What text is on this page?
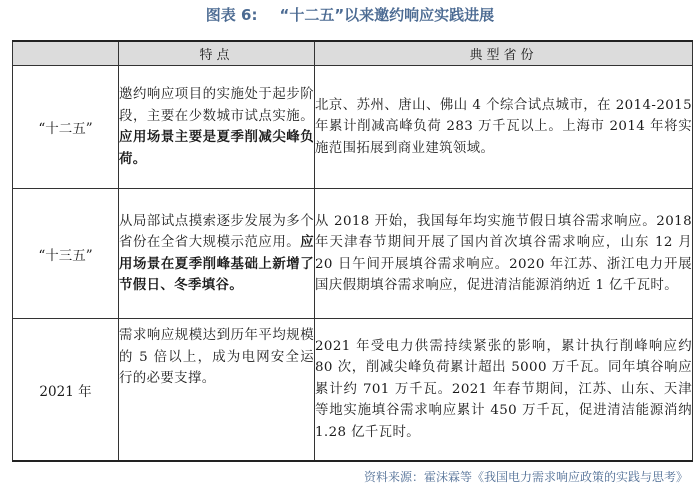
图表 6: “十二五”以来邀约响应实践进展
	特点	典型省份
“十二五”	邀约响应项目的实施处于起步阶段，主要在少数城市试点实施。应用场景主要是夏季削减尖峰负荷。	北京、苏州、唐山、佛山 4 个综合试点城市，在 2014-2015 年累计削减高峰负荷 283 万千瓦以上。上海市 2014 年将实施范围拓展到商业建筑领域。
“十三五”	从局部试点摸索逐步发展为多个省份在全省大规模示范应用。应用场景在夏季削峰基础上新增了节假日、冬季填谷。	从 2018 开始，我国每年均实施节假日填谷需求响应。2018 年天津春节期间开展了国内首次填谷需求响应，山东 12 月 20 日午间开展填谷需求响应。2020 年江苏、浙江电力开展国庆假期填谷需求响应，促进清洁能源消纳近 1 亿千瓦时。
2021 年	需求响应规模达到历年平均规模的 5 倍以上，成为电网安全运行的必要支撑。	2021 年受电力供需持续紧张的影响，累计执行削峰响应约 80 次，削减尖峰负荷累计超出 5000 万千瓦。同年填谷响应累计约 701 万千瓦。2021 年春节期间，江苏、山东、天津等地实施填谷需求响应累计 450 万千瓦，促进清洁能源消纳 1.28 亿千瓦时。
资料来源：霍沫霖等《我国电力需求响应政策的实践与思考》
